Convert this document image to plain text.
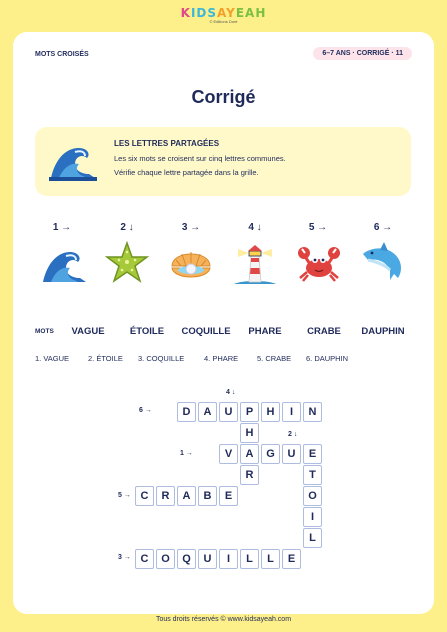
KIDSAYEAH
© Editions Doré
MOTS CROISÉS	6–7 ANS · CORRIGÉ · 11
Corrigé
LES LETTRES PARTAGÉES
Les six mots se croisent sur cinq lettres communes.
Vérifie chaque lettre partagée dans la grille.
1 →	2 ↓	3 →	4 ↓	5 →	6 →
MOTS VAGUE	ÉTOILE COQUILLE PHARE	CRABE DAUPHIN
1. VAGUE	2. ÉTOILE 3. COQUILLE	4. PHARE	5. CRABE 6. DAUPHIN
4 ↓
6 →
2 ↓
1 →
5 →
3 →
D	A	U	P	H	I	N
H
V	A	G	U	E
R	T
C	R	A	B	E	O
I
L
C	O	Q	U	I	L	L	E
Tous droits réservés © www.kidsayeah.com
